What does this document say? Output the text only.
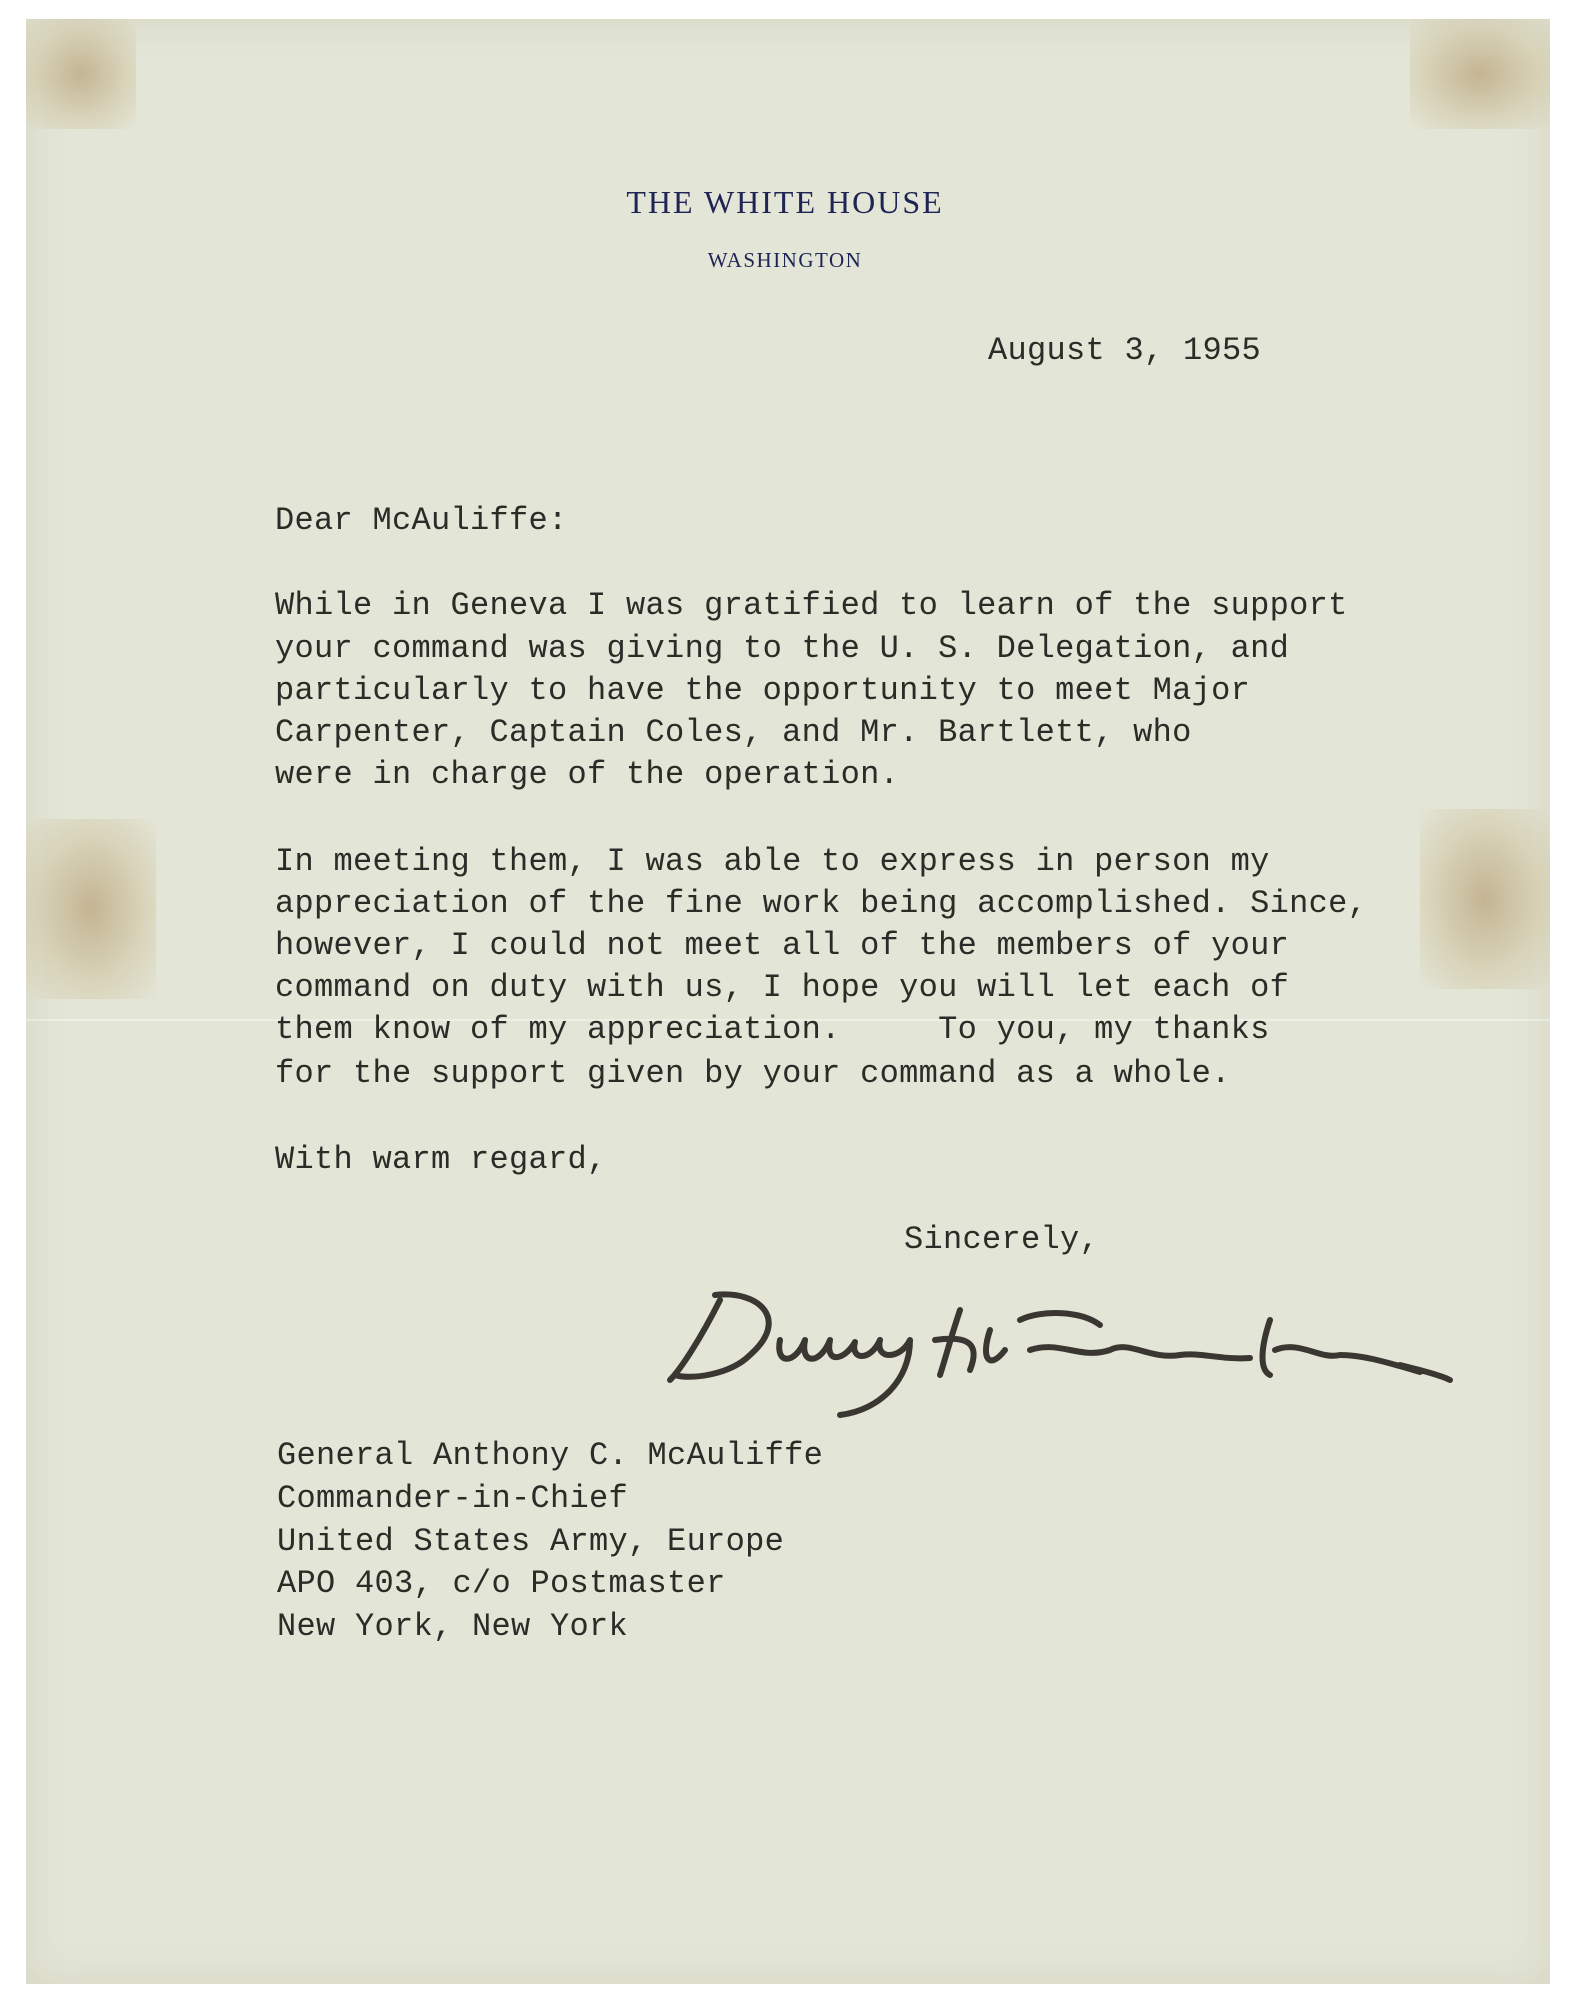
THE WHITE HOUSE
WASHINGTON
August 3, 1955
Dear McAuliffe:
While in Geneva I was gratified to learn of the support
your command was giving to the U. S. Delegation, and
particularly to have the opportunity to meet Major
Carpenter, Captain Coles, and Mr. Bartlett, who
were in charge of the operation.
In meeting them, I was able to express in person my
appreciation of the fine work being accomplished. Since,
however, I could not meet all of the members of your
command on duty with us, I hope you will let each of
them know of my appreciation.     To you, my thanks
for the support given by your command as a whole.
With warm regard,
Sincerely,
General Anthony C. McAuliffe
Commander-in-Chief
United States Army, Europe
APO 403, c/o Postmaster
New York, New York
